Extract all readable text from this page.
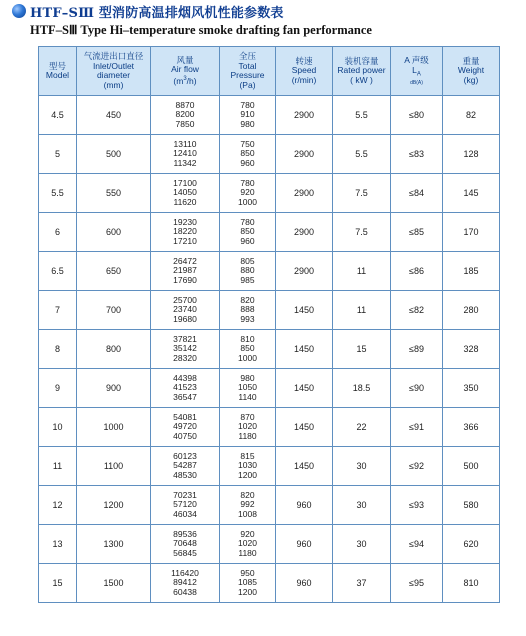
HTF–SⅢ 型消防高温排烟风机性能参数表
HTF–SⅢ Type Hi–temperature smoke drafting fan performance
型号
Model	气流进出口直径
Inlet/Outlet
diameter
(mm)	风量
Air flow
$(m^3/h)$	全压
Total
Pressure
(Pa)	转速
Speed
(r/min)	装机容量
Rated power
( kW )	A 声级
$L_A$
dB(A)	重量
Weight
(kg)

4.5	450	8870
8200
7850	780
910
980	2900	5.5	≤80	82
5	500	13110
12410
11342	750
850
960	2900	5.5	≤83	128
5.5	550	17100
14050
11620	780
920
1000	2900	7.5	≤84	145
6	600	19230
18220
17210	780
850
960	2900	7.5	≤85	170
6.5	650	26472
21987
17690	805
880
985	2900	11	≤86	185
7	700	25700
23740
19680	820
888
993	1450	11	≤82	280
8	800	37821
35142
28320	810
850
1000	1450	15	≤89	328
9	900	44398
41523
36547	980
1050
1140	1450	18.5	≤90	350
10	1000	54081
49720
40750	870
1020
1180	1450	22	≤91	366
11	1100	60123
54287
48530	815
1030
1200	1450	30	≤92	500
12	1200	70231
57120
46034	820
992
1008	960	30	≤93	580
13	1300	89536
70648
56845	920
1020
1180	960	30	≤94	620
15	1500	116420
89412
60438	950
1085
1200	960	37	≤95	810
